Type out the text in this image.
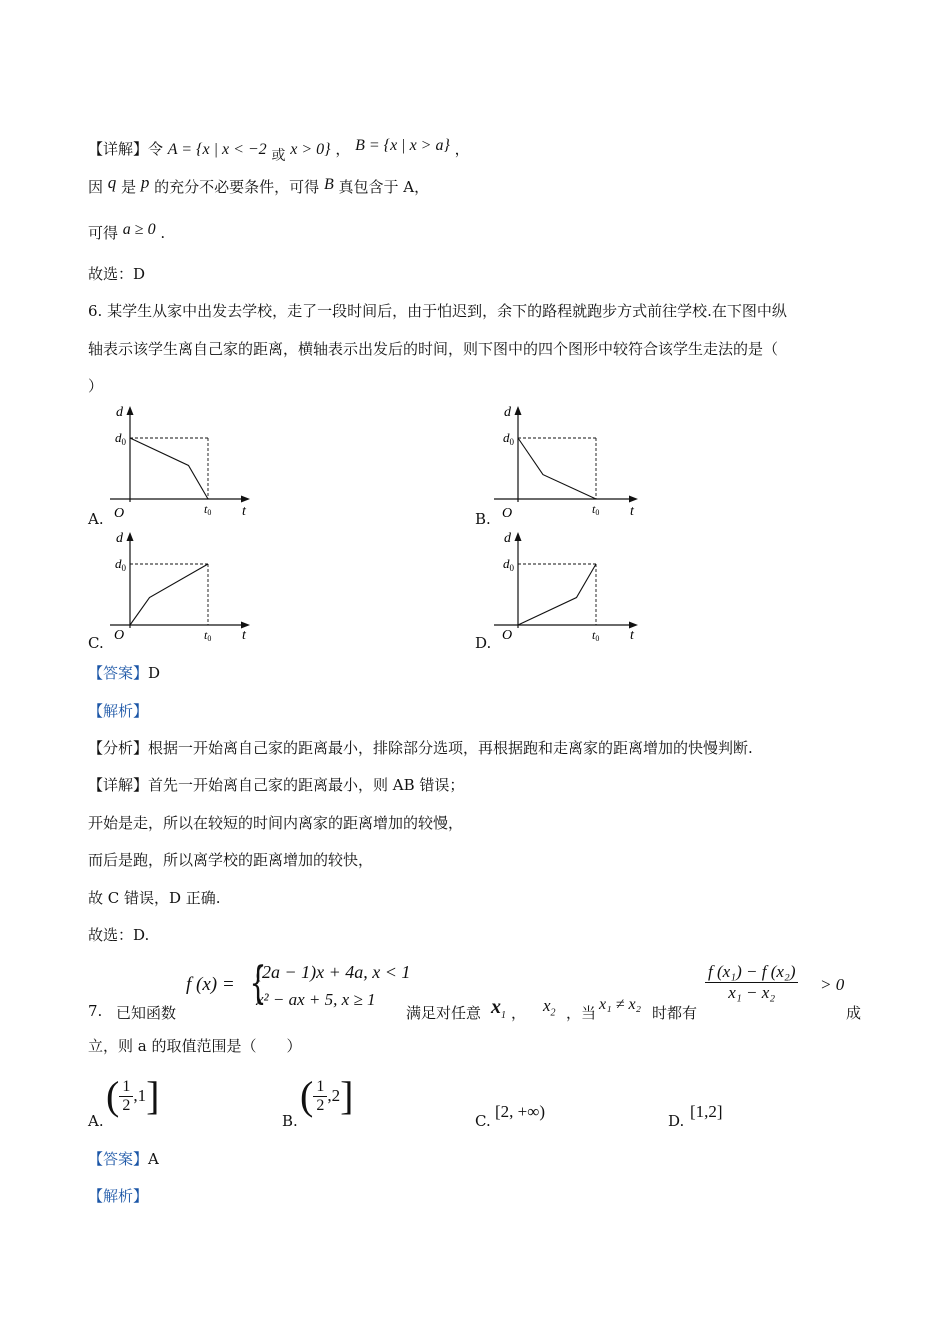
【详解】令 A = {x | x < −2 或 x > 0} ， B = {x | x > a} ，
因 q 是 p 的充分不必要条件，可得 B 真包含于 A，
可得 a ≥ 0 .
故选：D
6. 某学生从家中出发去学校，走了一段时间后，由于怕迟到，余下的路程就跑步方式前往学校.在下图中纵
轴表示该学生离自己家的距离，横轴表示出发后的时间，则下图中的四个图形中较符合该学生走法的是（
）
d
$d_0$
O	t0 t
A.
d
$d_0$
O	t0 t
B.
d
$d_0$
O	t0 t
C.
d
$d_0$
O	t0 t
D.
【答案】D
【解析】
【分析】根据一开始离自己家的距离最小，排除部分选项，再根据跑和走离家的距离增加的快慢判断.
【详解】首先一开始离自己家的距离最小，则 AB 错误；
开始是走，所以在较短的时间内离家的距离增加的较慢，
而后是跑，所以离学校的距离增加的较快，
故 C 错误，D 正确.
故选：D.
7. 已知函数
f (x) = {
(2a − 1)x + 4a, x < 1
x² − ax + 5, x ≥ 1
满足对任意 $x_1$ ， $x_2$ ，当 x₁ ≠ x₂ 时都有
$\frac{\text{f (x₁) − f (x₂)}}{\text{x₁ − x₂}} > 0$
成
立，则 a 的取值范围是（　　）
A.
( $\frac{1}{2} ,1$]
B.
( $\frac{1}{2} ,2$]
C. [2, +∞)	D. [1,2]
【答案】A
【解析】
